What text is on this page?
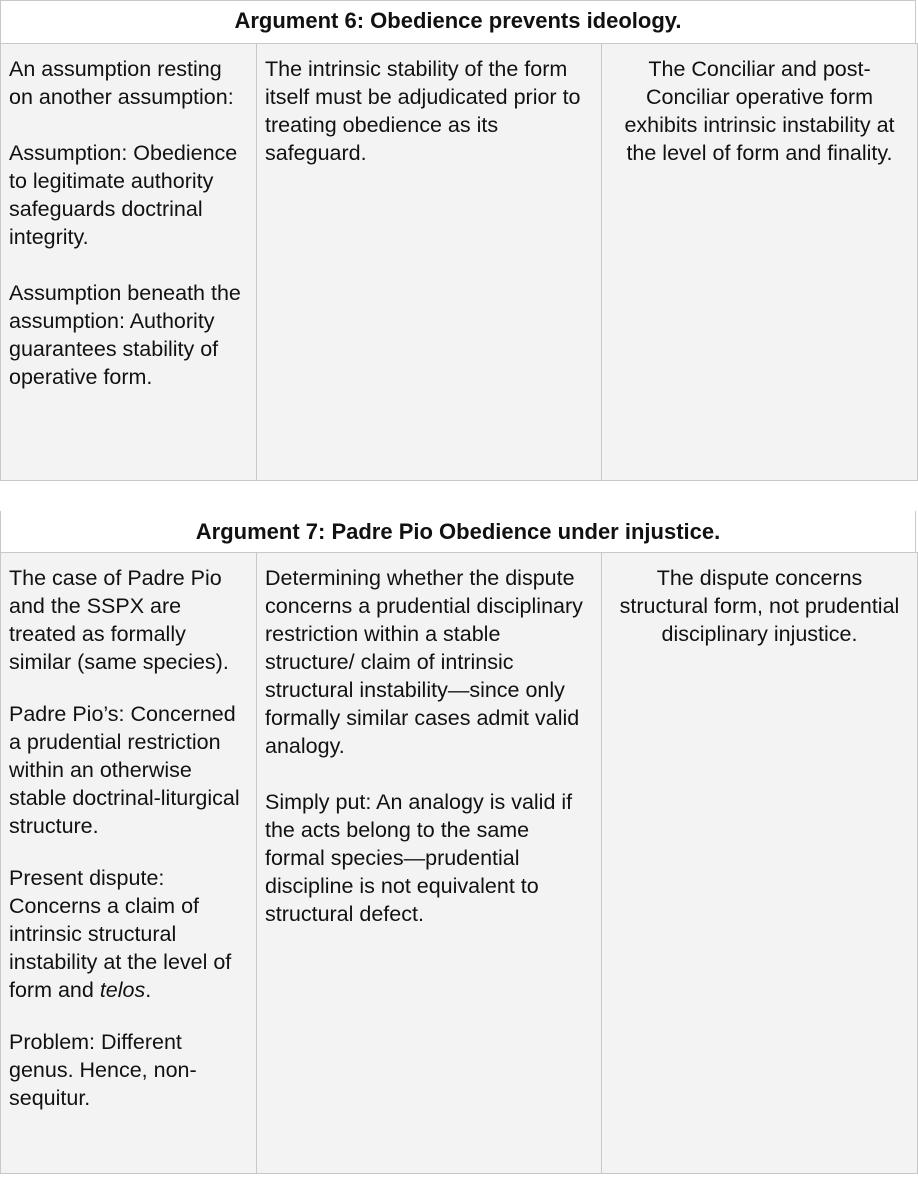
Argument 6: Obedience prevents ideology.

An assumption resting on another assumption:

Assumption: Obedience to legitimate authority safeguards doctrinal integrity.

Assumption beneath the assumption: Authority guarantees stability of operative form.

The intrinsic stability of the form itself must be adjudicated prior to treating obedience as its safeguard.

The Conciliar and post-Conciliar operative form exhibits intrinsic instability at the level of form and finality.

Argument 7: Padre Pio Obedience under injustice.

The case of Padre Pio and the SSPX are treated as formally similar (same species).

Padre Pio’s: Concerned a prudential restriction within an otherwise stable doctrinal-liturgical structure.

Present dispute: Concerns a claim of intrinsic structural instability at the level of form and telos.

Problem: Different genus. Hence, non-sequitur.

Determining whether the dispute concerns a prudential disciplinary restriction within a stable structure/ claim of intrinsic structural instability—since only formally similar cases admit valid analogy.

Simply put: An analogy is valid if the acts belong to the same formal species—prudential discipline is not equivalent to structural defect.

The dispute concerns structural form, not prudential disciplinary injustice.
